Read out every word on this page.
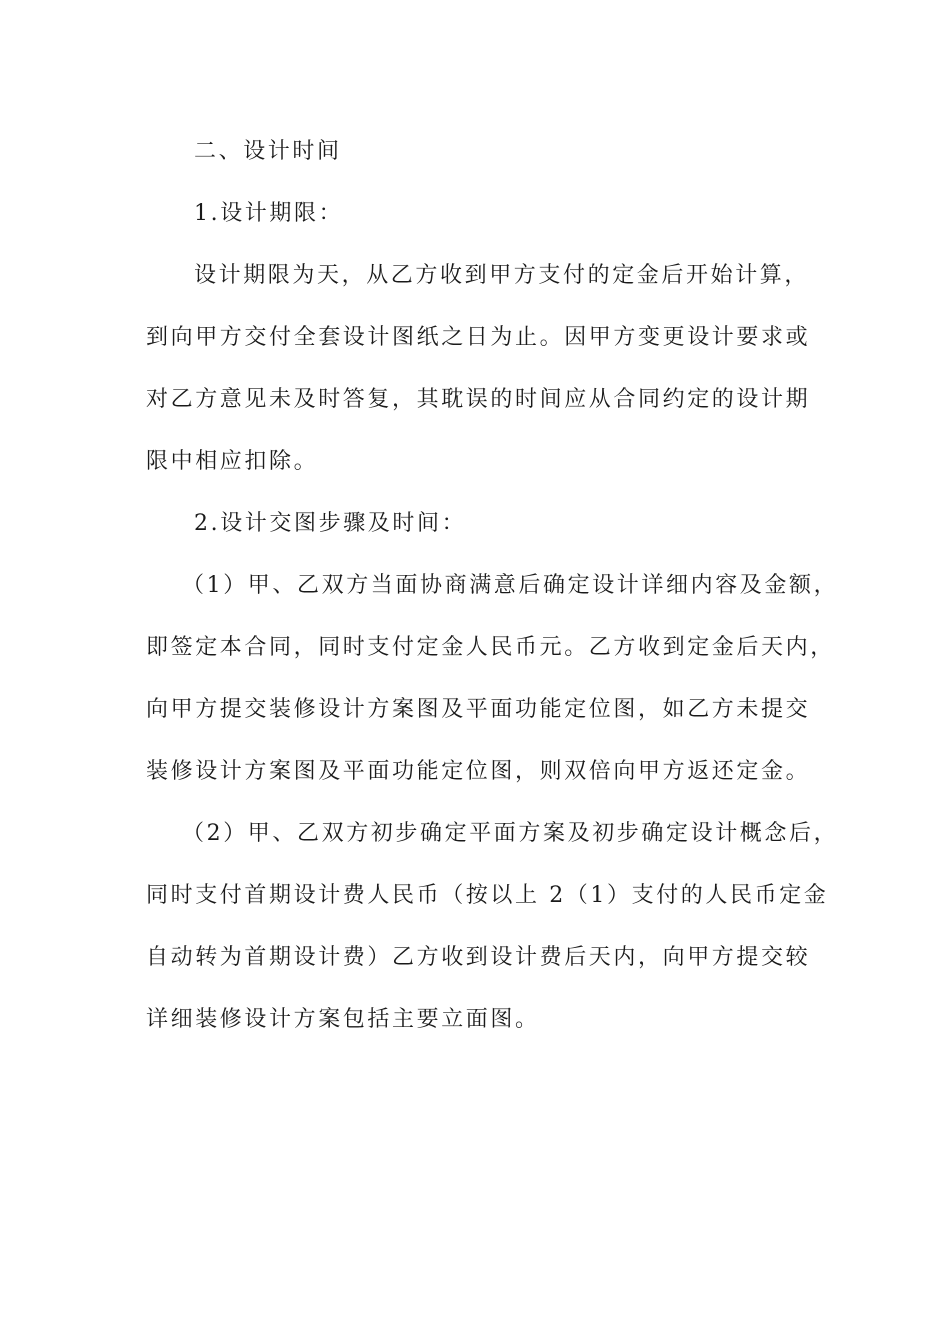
二、设计时间
1.设计期限：
设计期限为天，从乙方收到甲方支付的定金后开始计算，
到向甲方交付全套设计图纸之日为止。因甲方变更设计要求或
对乙方意见未及时答复，其耽误的时间应从合同约定的设计期
限中相应扣除。
2.设计交图步骤及时间：
（1）甲、乙双方当面协商满意后确定设计详细内容及金额，
即签定本合同，同时支付定金人民币元。乙方收到定金后天内，
向甲方提交装修设计方案图及平面功能定位图，如乙方未提交
装修设计方案图及平面功能定位图，则双倍向甲方返还定金。
（2）甲、乙双方初步确定平面方案及初步确定设计概念后，
同时支付首期设计费人民币（按以上 2（1）支付的人民币定金
自动转为首期设计费）乙方收到设计费后天内，向甲方提交较
详细装修设计方案包括主要立面图。
